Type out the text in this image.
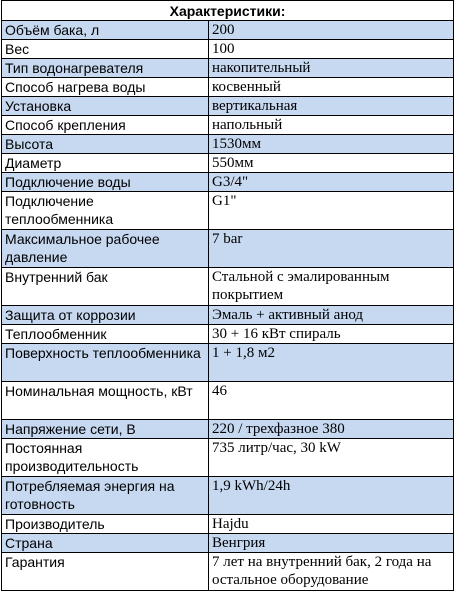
Характеристики:	
Объём бака, л	200
Вес	100
Тип водонагревателя	накопительный
Способ нагрева воды	косвенный
Установка	вертикальная
Способ крепления	напольный
Высота	1530мм
Диаметр	550мм
Подключение воды	G3/4"
Подключение теплообменника	G1"
Максимальное рабочее давление	7 bar
Внутренний бак	Стальной с эмалированным покрытием
Защита от коррозии	Эмаль + активный анод
Теплообменник	30 + 16 кВт спираль
Поверхность теплообменника	1 + 1,8 м2
Номинальная мощность, кВт	46
Напряжение сети, В	220 / трехфазное 380
Постоянная производительность	735 литр/час, 30 kW
Потребляемая энергия на готовность	1,9 kWh/24h
Производитель	Hajdu
Страна	Венгрия
Гарантия	7 лет на внутренний бак, 2 года на остальное оборудование
